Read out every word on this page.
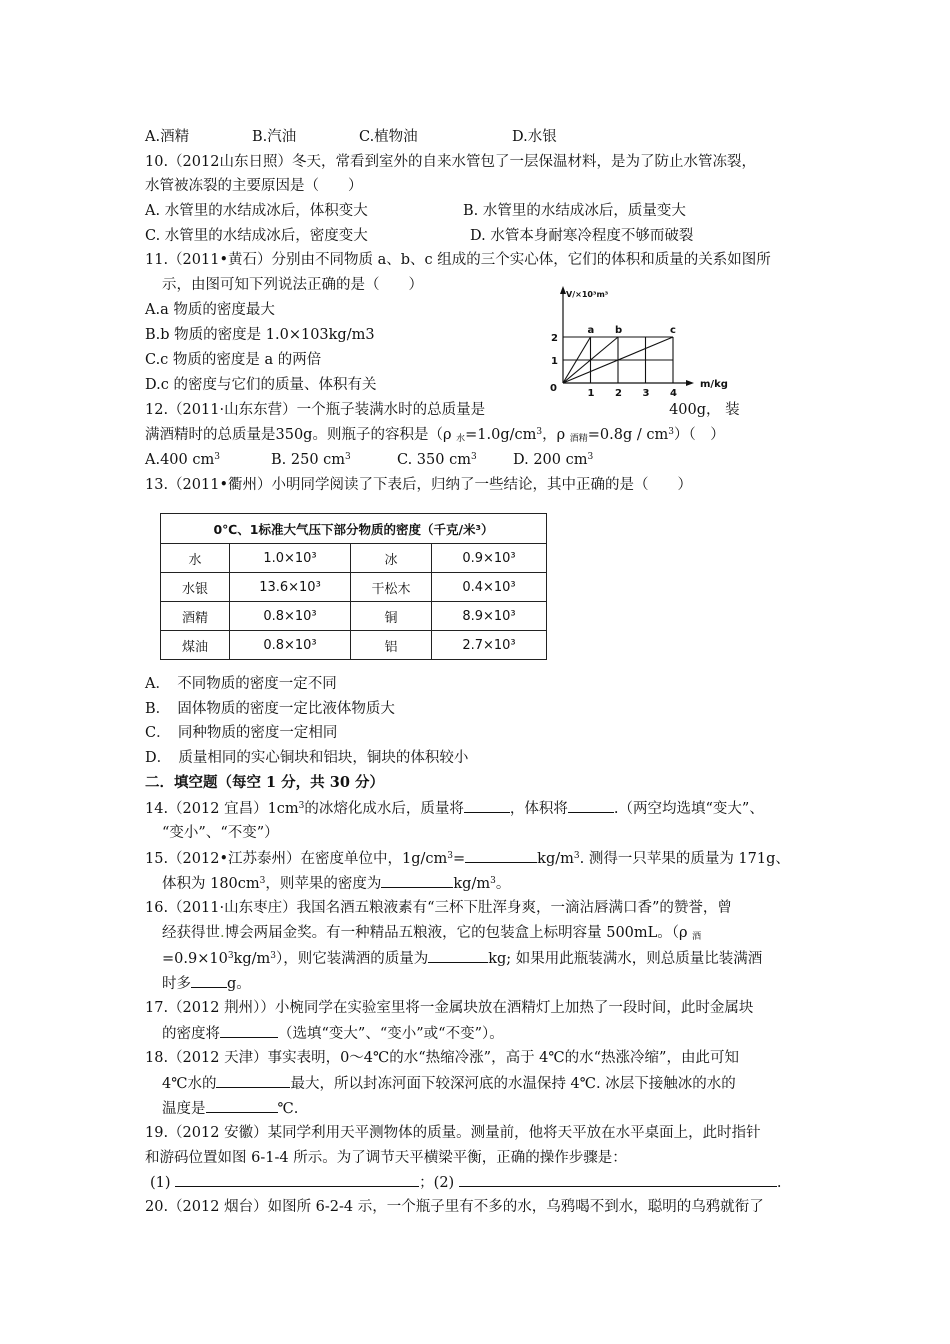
A.酒精	B.汽油	C.植物油	D.水银
10.（2012山东日照）冬天，常看到室外的自来水管包了一层保温材料，是为了防止水管冻裂，
水管被冻裂的主要原因是（　　）
A. 水管里的水结成冰后，体积变大	B. 水管里的水结成冰后，质量变大
C. 水管里的水结成冰后，密度变大	D. 水管本身耐寒冷程度不够而破裂
11.（2011•黄石）分别由不同物质 a、b、c 组成的三个实心体，它们的体积和质量的关系如图所
示，由图可知下列说法正确的是（　　）
A.a 物质的密度最大
B.b 物质的密度是 1.0×103kg/m3
C.c 物质的密度是 a 的两倍
D.c 的密度与它们的质量、体积有关
V/×10³m³
m/kg
0
a b	c
1 2 3 4
1
2
12.（2011·山东东营）一个瓶子装满水时的总质量是	400g， 装
满酒精时的总质量是350g。则瓶子的容积是（ρ $_水=1.0g/cm^3$，ρ $_{酒精}=0.8g / cm^3$）（　）
A.400 $cm^3$	B. 250 $cm^3$	C. 350 $cm^3$	D. 200 $cm^3$
13.（2011•衢州）小明同学阅读了下表后，归纳了一些结论，其中正确的是（　　）
0℃、1标准大气压下部分物质的密度（千克/米³）			
水	1.0×10³	冰	0.9×10³
水银	13.6×10³	干松木	0.4×10³
酒精	0.8×10³	铜	8.9×10³
煤油	0.8×10³	铝	2.7×10³
A．　不同物质的密度一定不同
B．　固体物质的密度一定比液体物质大
C．　同种物质的密度一定相同
D．　质量相同的实心铜块和铝块，铜块的体积较小
二．填空题（每空 1 分，共 30 分）
14.（2012 宜昌）$1cm^3$的冰熔化成水后，质量将	，体积将	.（两空均选填“变大”、
“变小”、“不变”）
15.（2012•江苏泰州）在密度单位中，$1g/cm^3=$	$kg/m^3$. 测得一只苹果的质量为 171g、
体积为 $180cm^3$，则苹果的密度为	$kg/m^3$。
16.（2011·山东枣庄）我国名酒五粮液素有“三杯下肚浑身爽，一滴沾唇满口香”的赞誉，曾
经获得世.博会两届金奖。有一种精品五粮液，它的包装盒上标明容量 500mL。（ρ $_酒$
$=0.9\times 10^3kg/m^3$），则它装满酒的质量为	kg; 如果用此瓶装满水，则总质量比装满酒
时多 g。
17.（2012 荆州））小椀同学在实验室里将一金属块放在酒精灯上加热了一段时间，此时金属块
的密度将	（选填“变大”、“变小”或“不变”）。
18.（2012 天津）事实表明，0～4℃的水“热缩冷涨”，高于 4℃的水“热涨冷缩”，由此可知
4℃水的	最大，所以封冻河面下较深河底的水温保持 4℃. 冰层下接触冰的水的
温度是	℃.
19.（2012 安徽）某同学利用天平测物体的质量。测量前，他将天平放在水平桌面上，此时指针
和游码位置如图 6-1-4 所示。为了调节天平横梁平衡，正确的操作步骤是：
(1)	；(2)	.
20.（2012 烟台）如图所 6-2-4 示，一个瓶子里有不多的水，乌鸦喝不到水，聪明的乌鸦就衔了
